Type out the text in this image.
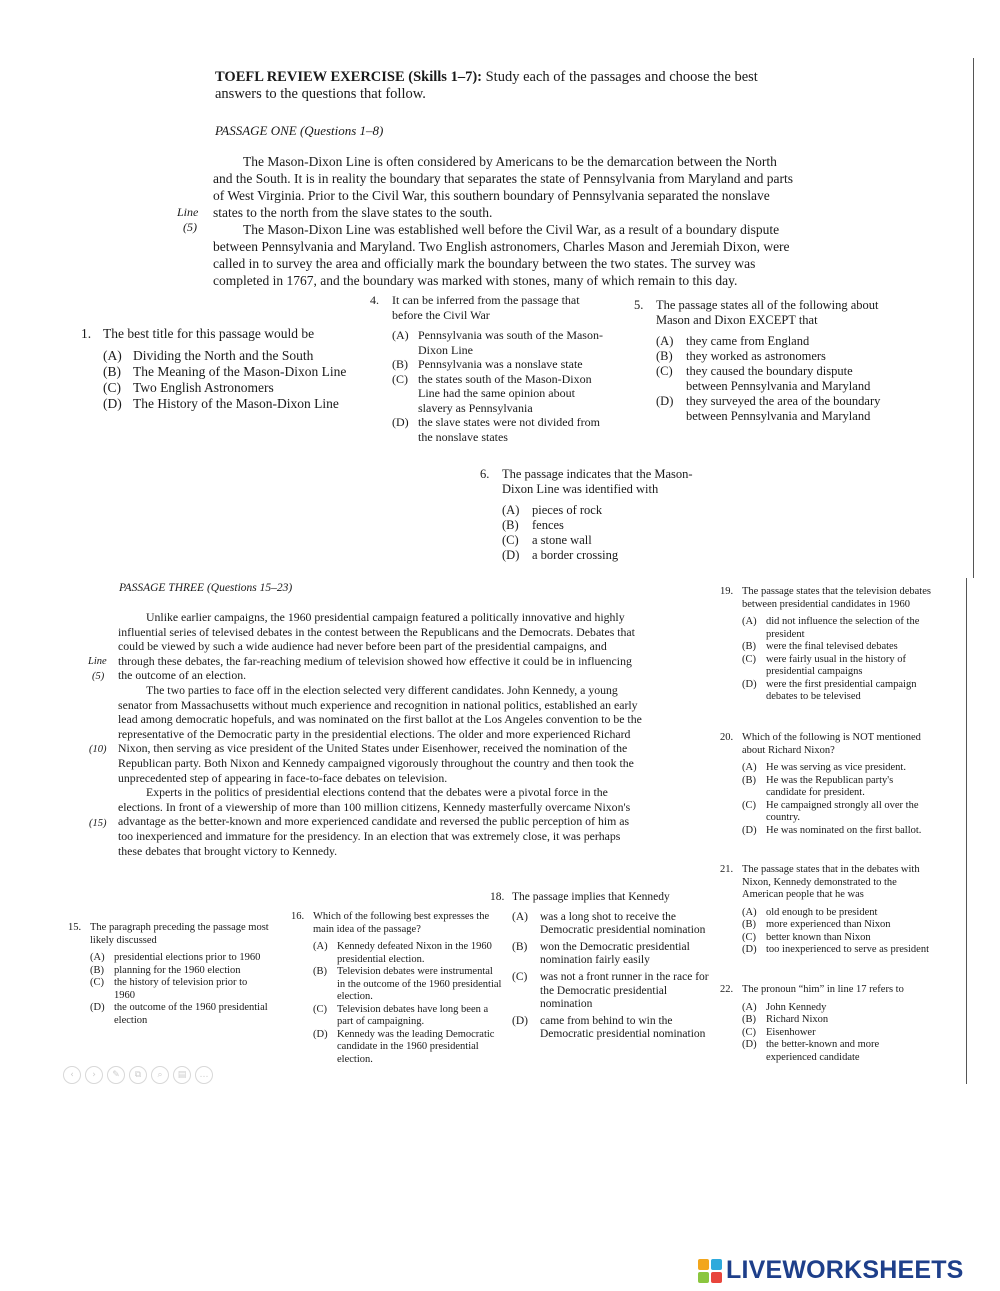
TOEFL REVIEW EXERCISE (Skills 1–7): Study each of the passages and choose the best
answers to the questions that follow.
PASSAGE ONE (Questions 1–8)

The Mason-Dixon Line is often considered by Americans to be the demarcation between the North and the South. It is in reality the boundary that separates the state of Pennsylvania from Maryland and parts of West Virginia. Prior to the Civil War, this southern boundary of Pennsylvania separated the nonslave states to the north from the slave states to the south.

The Mason-Dixon Line was established well before the Civil War, as a result of a boundary dispute between Pennsylvania and Maryland. Two English astronomers, Charles Mason and Jeremiah Dixon, were called in to survey the area and officially mark the boundary between the two states. The survey was completed in 1767, and the boundary was marked with stones, many of which remain to this day.

Line
(5)
1. The best title for this passage would be
(A) Dividing the North and the South
(B) The Meaning of the Mason-Dixon Line
(C) Two English Astronomers
(D) The History of the Mason-Dixon Line
4. It can be inferred from the passage that before the Civil War
(A) Pennsylvania was south of the Mason-Dixon Line
(B) Pennsylvania was a nonslave state
(C) the states south of the Mason-Dixon Line had the same opinion about slavery as Pennsylvania
(D) the slave states were not divided from the nonslave states
5. The passage states all of the following about Mason and Dixon EXCEPT that
(A)	they came from England
(B)	they worked as astronomers
(C)	they caused the boundary dispute between Pennsylvania and Maryland
(D)	they surveyed the area of the boundary between Pennsylvania and Maryland
6. The passage indicates that the Mason-Dixon Line was identified with
(A)	pieces of rock
(B)	fences
(C)	a stone wall
(D)	a border crossing
PASSAGE THREE (Questions 15–23)

Unlike earlier campaigns, the 1960 presidential campaign featured a politically innovative and highly influential series of televised debates in the contest between the Republicans and the Democrats. Debates that could be viewed by such a wide audience had never before been part of the presidential campaigns, and through these debates, the far-reaching medium of television showed how effective it could be in influencing the outcome of an election.

The two parties to face off in the election selected very different candidates. John Kennedy, a young senator from Massachusetts without much experience and recognition in national politics, established an early lead among democratic hopefuls, and was nominated on the first ballot at the Los Angeles convention to be the representative of the Democratic party in the presidential elections. The older and more experienced Richard Nixon, then serving as vice president of the United States under Eisenhower, received the nomination of the Republican party. Both Nixon and Kennedy campaigned vigorously throughout the country and then took the unprecedented step of appearing in face-to-face debates on television.

Experts in the politics of presidential elections contend that the debates were a pivotal force in the elections. In front of a viewership of more than 100 million citizens, Kennedy masterfully overcame Nixon's advantage as the better-known and more experienced candidate and reversed the public perception of him as too inexperienced and immature for the presidency. In an election that was extremely close, it was perhaps these debates that brought victory to Kennedy.

Line
(5)
(10)
(15)
15. The paragraph preceding the passage most likely discussed
(A) presidential elections prior to 1960
(B) planning for the 1960 election
(C) the history of television prior to 1960
(D) the outcome of the 1960 presidential election
16. Which of the following best expresses the main idea of the passage?
(A) Kennedy defeated Nixon in the 1960 presidential election.
(B) Television debates were instrumental in the outcome of the 1960 presidential election.
(C) Television debates have long been a part of campaigning.
(D) Kennedy was the leading Democratic candidate in the 1960 presidential election.
18. The passage implies that Kennedy
(A)	was a long shot to receive the Democratic presidential nomination
(B)	won the Democratic presidential nomination fairly easily
(C)	was not a front runner in the race for the Democratic presidential nomination
(D)	came from behind to win the Democratic presidential nomination
19. The passage states that the television debates between presidential candidates in 1960
(A) did not influence the selection of the president
(B) were the final televised debates
(C) were fairly usual in the history of presidential campaigns
(D) were the first presidential campaign debates to be televised
20. Which of the following is NOT mentioned about Richard Nixon?
(A) He was serving as vice president.
(B) He was the Republican party's candidate for president.
(C) He campaigned strongly all over the country.
(D) He was nominated on the first ballot.
21. The passage states that in the debates with Nixon, Kennedy demonstrated to the American people that he was
(A) old enough to be president
(B) more experienced than Nixon
(C) better known than Nixon
(D) too inexperienced to serve as president
22. The pronoun “him” in line 17 refers to
(A) John Kennedy
(B) Richard Nixon
(C) Eisenhower
(D) the better-known and more experienced candidate
‹	›	✎	⧉	⌕	▤	…
LIVEWORKSHEETS
